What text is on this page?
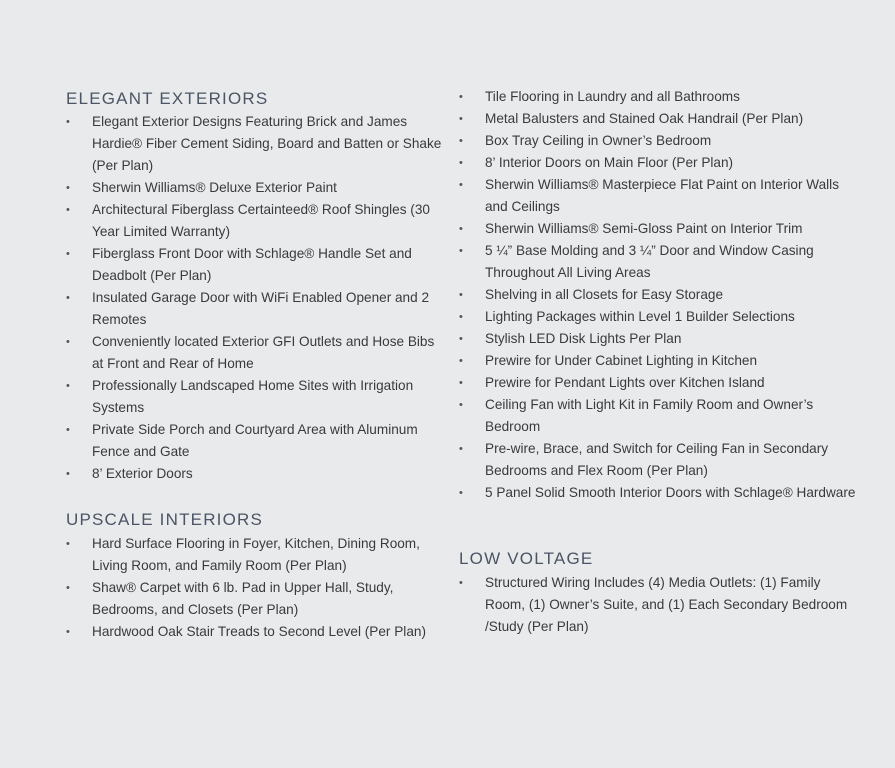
ELEGANT EXTERIORS
•	Elegant Exterior Designs Featuring Brick and James Hardie® Fiber Cement Siding, Board and Batten or Shake (Per Plan)
•	Sherwin Williams® Deluxe Exterior Paint
•	Architectural Fiberglass Certainteed® Roof Shingles (30 Year Limited Warranty)
•	Fiberglass Front Door with Schlage® Handle Set and Deadbolt (Per Plan)
•	Insulated Garage Door with WiFi Enabled Opener and 2 Remotes
•	Conveniently located Exterior GFI Outlets and Hose Bibs at Front and Rear of Home
•	Professionally Landscaped Home Sites with Irrigation Systems
•	Private Side Porch and Courtyard Area with Aluminum Fence and Gate
•	8’ Exterior Doors
UPSCALE INTERIORS
•	Hard Surface Flooring in Foyer, Kitchen, Dining Room, Living Room, and Family Room (Per Plan)
•	Shaw® Carpet with 6 lb. Pad in Upper Hall, Study, Bedrooms, and Closets (Per Plan)
•	Hardwood Oak Stair Treads to Second Level (Per Plan)
•	Tile Flooring in Laundry and all Bathrooms
•	Metal Balusters and Stained Oak Handrail (Per Plan)
•	Box Tray Ceiling in Owner’s Bedroom
•	8’ Interior Doors on Main Floor (Per Plan)
•	Sherwin Williams® Masterpiece Flat Paint on Interior Walls and Ceilings
•	Sherwin Williams® Semi-Gloss Paint on Interior Trim
•	5 ¼” Base Molding and 3 ¼” Door and Window Casing Throughout All Living Areas
•	Shelving in all Closets for Easy Storage
•	Lighting Packages within Level 1 Builder Selections
•	Stylish LED Disk Lights Per Plan
•	Prewire for Under Cabinet Lighting in Kitchen
•	Prewire for Pendant Lights over Kitchen Island
•	Ceiling Fan with Light Kit in Family Room and Owner’s Bedroom
•	Pre-wire, Brace, and Switch for Ceiling Fan in Secondary Bedrooms and Flex Room (Per Plan)
•	5 Panel Solid Smooth Interior Doors with Schlage® Hardware
LOW VOLTAGE
•	Structured Wiring Includes (4) Media Outlets: (1) Family Room, (1) Owner’s Suite, and (1) Each Secondary Bedroom /Study (Per Plan)
